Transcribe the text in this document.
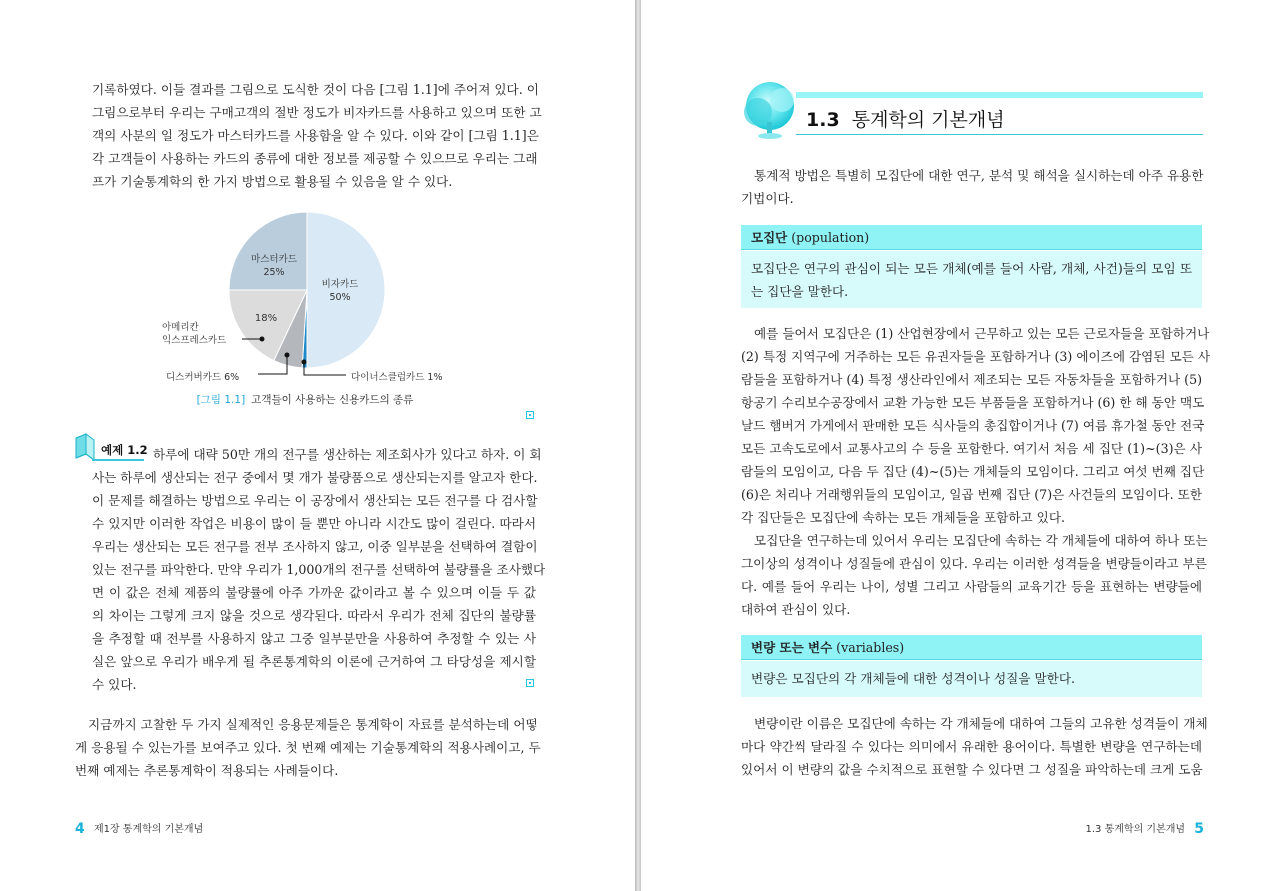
기록하였다. 이들 결과를 그림으로 도식한 것이 다음 [그림 1.1]에 주어져 있다. 이
그림으로부터 우리는 구매고객의 절반 정도가 비자카드를 사용하고 있으며 또한 고
객의 사분의 일 정도가 마스터카드를 사용함을 알 수 있다. 이와 같이 [그림 1.1]은
각 고객들이 사용하는 카드의 종류에 대한 정보를 제공할 수 있으므로 우리는 그래
프가 기술통계학의 한 가지 방법으로 활용될 수 있음을 알 수 있다.
비자카드
50%
마스터카드
25%
18%
아메리칸
익스프레스카드
디스커버카드 6%	다이너스클럽카드 1%
[그림 1.1] 고객들이 사용하는 신용카드의 종류
예제 1.2 하루에 대략 50만 개의 전구를 생산하는 제조회사가 있다고 하자. 이 회
사는 하루에 생산되는 전구 중에서 몇 개가 불량품으로 생산되는지를 알고자 한다.
이 문제를 해결하는 방법으로 우리는 이 공장에서 생산되는 모든 전구를 다 검사할
수 있지만 이러한 작업은 비용이 많이 들 뿐만 아니라 시간도 많이 걸린다. 따라서
우리는 생산되는 모든 전구를 전부 조사하지 않고, 이중 일부분을 선택하여 결함이
있는 전구를 파악한다. 만약 우리가 1,000개의 전구를 선택하여 불량률을 조사했다
면 이 값은 전체 제품의 불량률에 아주 가까운 값이라고 볼 수 있으며 이들 두 값
의 차이는 그렇게 크지 않을 것으로 생각된다. 따라서 우리가 전체 집단의 불량률
을 추정할 때 전부를 사용하지 않고 그중 일부분만을 사용하여 추정할 수 있는 사
실은 앞으로 우리가 배우게 될 추론통계학의 이론에 근거하여 그 타당성을 제시할
수 있다.
지금까지 고찰한 두 가지 실제적인 응용문제들은 통계학이 자료를 분석하는데 어떻
게 응용될 수 있는가를 보여주고 있다. 첫 번째 예제는 기술통계학의 적용사례이고, 두
번째 예제는 추론통계학이 적용되는 사례들이다.
4 제1장 통계학의 기본개념
1.3 통계학의 기본개념
통계적 방법은 특별히 모집단에 대한 연구, 분석 및 해석을 실시하는데 아주 유용한
기법이다.
모집단 (population)
모집단은 연구의 관심이 되는 모든 개체(예를 들어 사람, 개체, 사건)들의 모임 또
는 집단을 말한다.
예를 들어서 모집단은 (1) 산업현장에서 근무하고 있는 모든 근로자들을 포함하거나
(2) 특정 지역구에 거주하는 모든 유권자들을 포함하거나 (3) 에이즈에 감염된 모든 사
람들을 포함하거나 (4) 특정 생산라인에서 제조되는 모든 자동차들을 포함하거나 (5)
항공기 수리보수공장에서 교환 가능한 모든 부품들을 포함하거나 (6) 한 해 동안 맥도
날드 햄버거 가게에서 판매한 모든 식사들의 총집합이거나 (7) 여름 휴가철 동안 전국
모든 고속도로에서 교통사고의 수 등을 포함한다. 여기서 처음 세 집단 (1)~(3)은 사
람들의 모임이고, 다음 두 집단 (4)~(5)는 개체들의 모임이다. 그리고 여섯 번째 집단
(6)은 처리나 거래행위들의 모임이고, 일곱 번째 집단 (7)은 사건들의 모임이다. 또한
각 집단들은 모집단에 속하는 모든 개체들을 포함하고 있다.
모집단을 연구하는데 있어서 우리는 모집단에 속하는 각 개체들에 대하여 하나 또는
그이상의 성격이나 성질들에 관심이 있다. 우리는 이러한 성격들을 변량들이라고 부른
다. 예를 들어 우리는 나이, 성별 그리고 사람들의 교육기간 등을 표현하는 변량들에
대하여 관심이 있다.
변량 또는 변수 (variables)
변량은 모집단의 각 개체들에 대한 성격이나 성질을 말한다.
변량이란 이름은 모집단에 속하는 각 개체들에 대하여 그들의 고유한 성격들이 개체
마다 약간씩 달라질 수 있다는 의미에서 유래한 용어이다. 특별한 변량을 연구하는데
있어서 이 변량의 값을 수치적으로 표현할 수 있다면 그 성질을 파악하는데 크게 도움
1.3 통계학의 기본개념 5
